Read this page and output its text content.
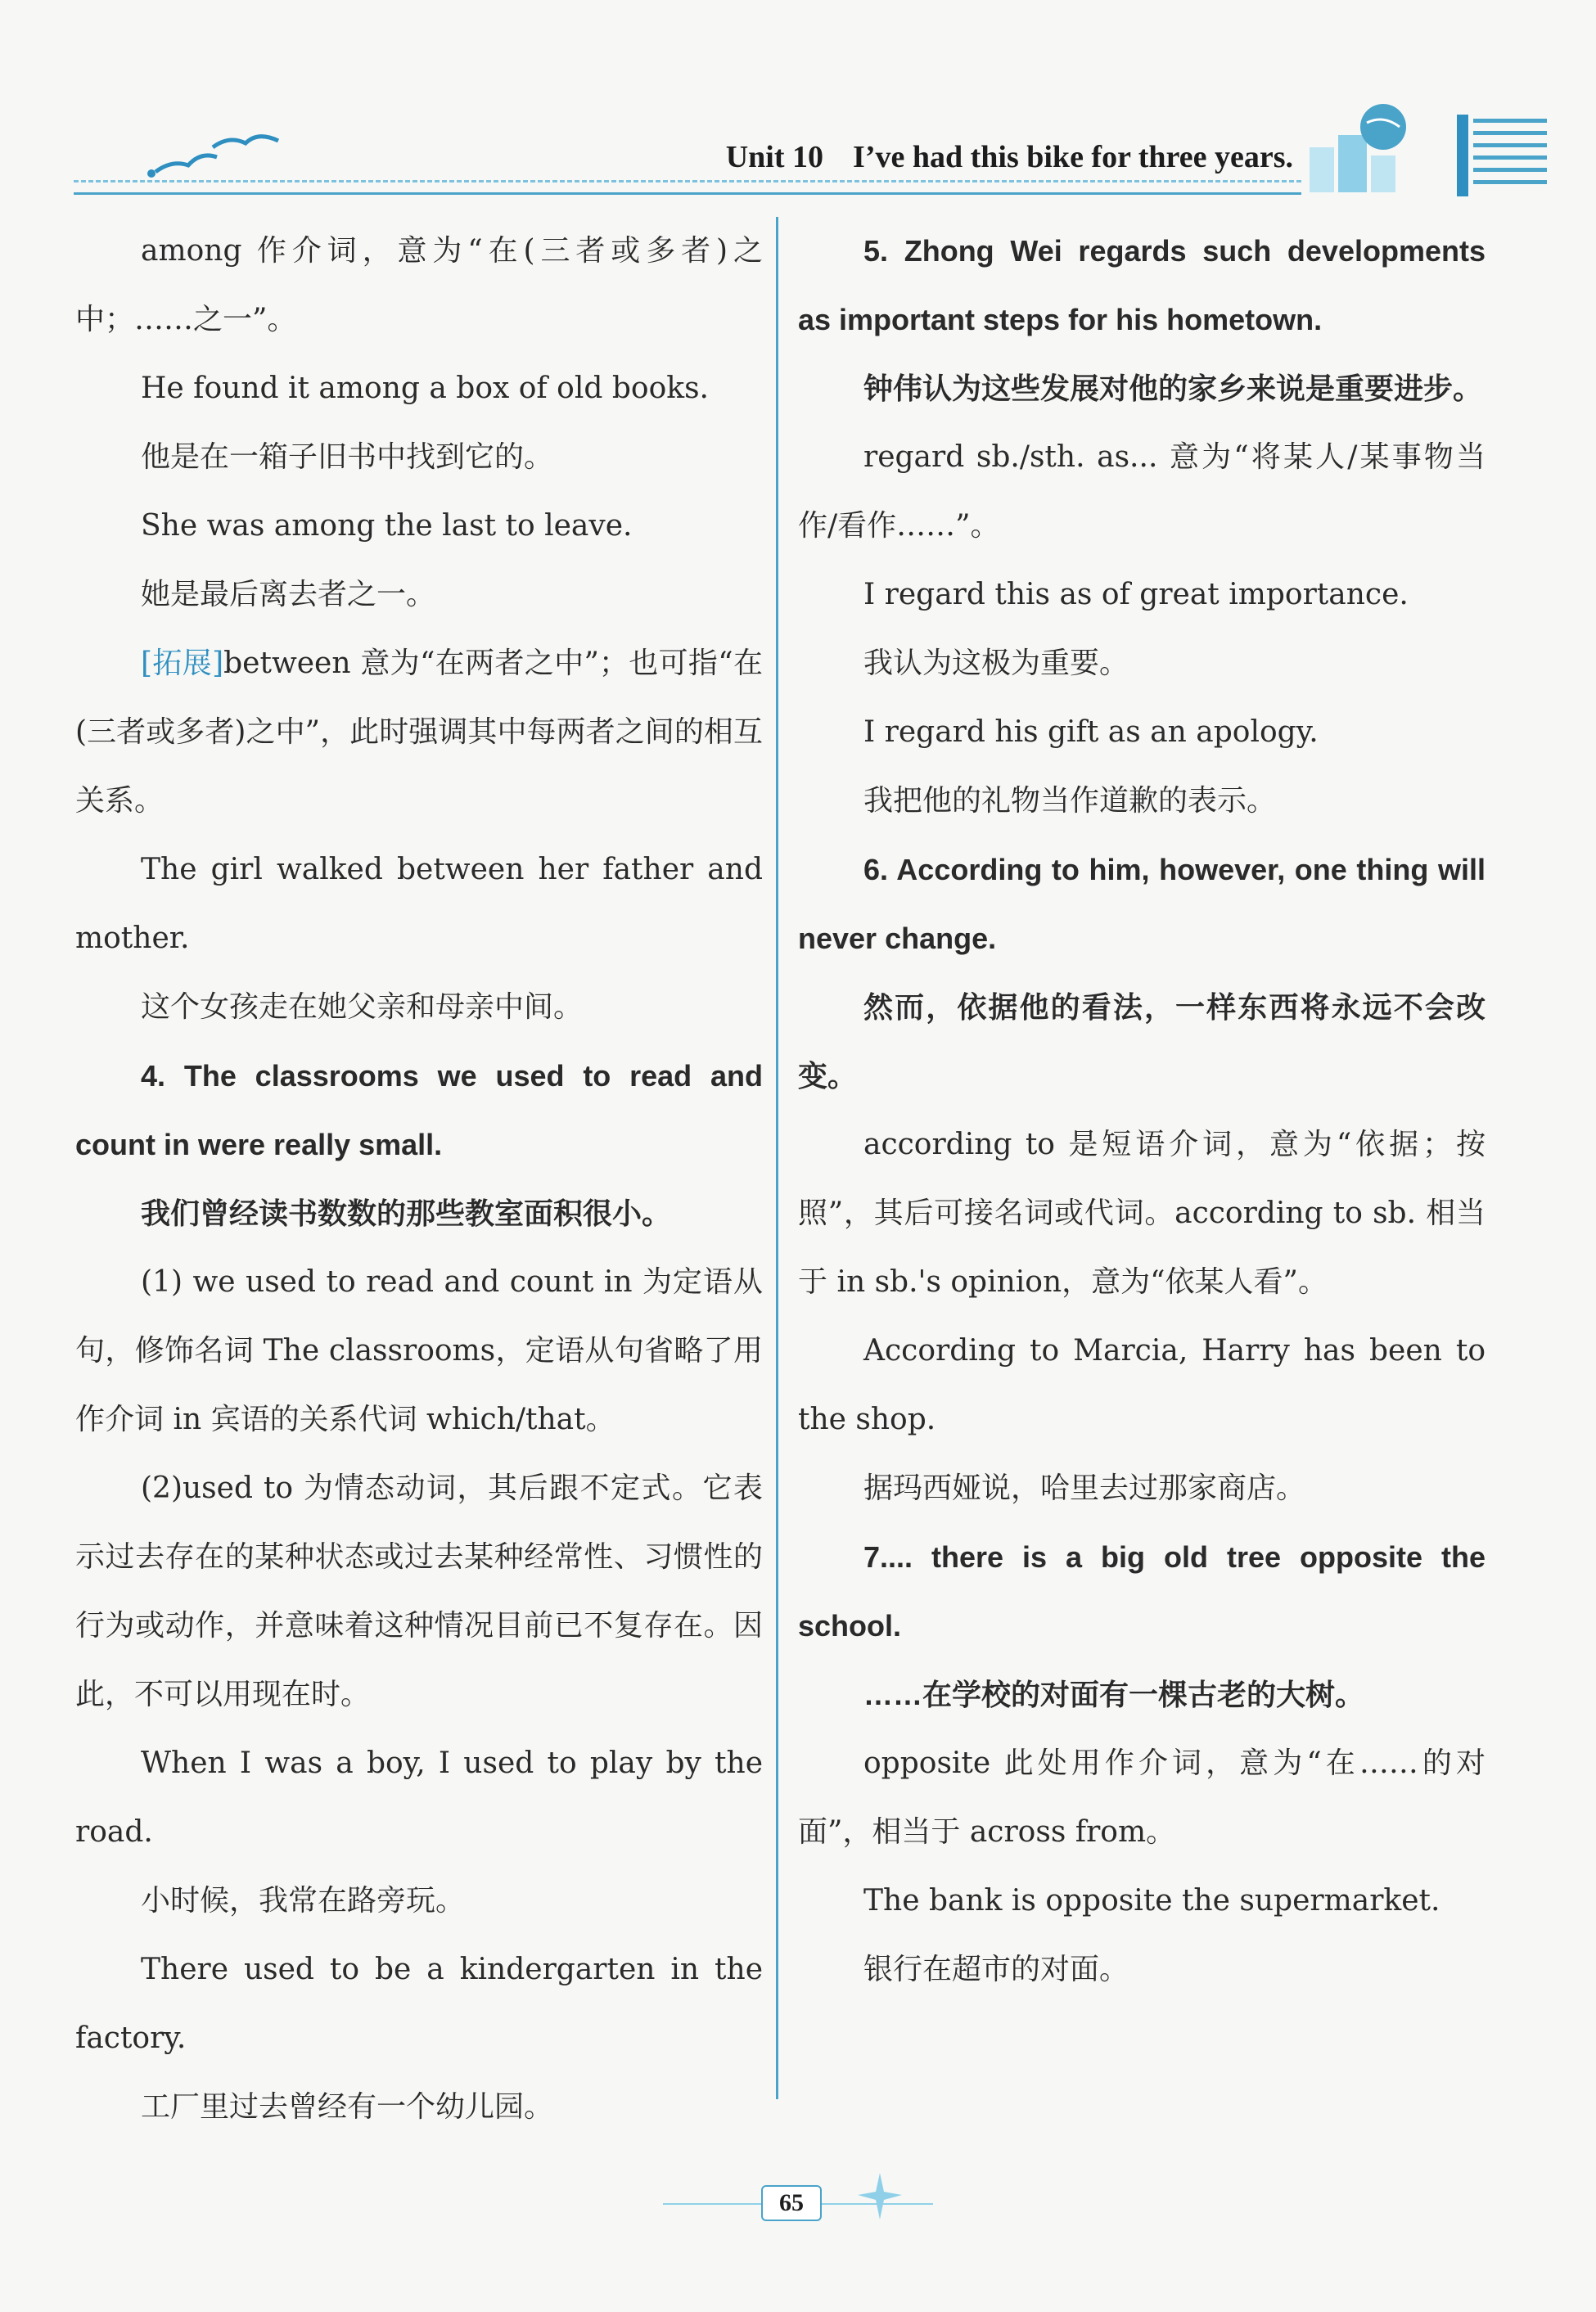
Unit 10 I’ve had this bike for three years.

among 作介词，意为“在(三者或多者)之中；……之一”。

He found it among a box of old books.

他是在一箱子旧书中找到它的。

She was among the last to leave.

她是最后离去者之一。

[拓展]between 意为“在两者之中”；也可指“在(三者或多者)之中”，此时强调其中每两者之间的相互关系。

The girl walked between her father and mother.

这个女孩走在她父亲和母亲中间。

4. The classrooms we used to read and count in were really small.

我们曾经读书数数的那些教室面积很小。

(1) we used to read and count in 为定语从句，修饰名词 The classrooms，定语从句省略了用作介词 in 宾语的关系代词 which/that。

(2)used to 为情态动词，其后跟不定式。它表示过去存在的某种状态或过去某种经常性、习惯性的行为或动作，并意味着这种情况目前已不复存在。因此，不可以用现在时。

When I was a boy, I used to play by the road.

小时候，我常在路旁玩。

There used to be a kindergarten in the factory.

工厂里过去曾经有一个幼儿园。

5. Zhong Wei regards such developments as important steps for his hometown.

钟伟认为这些发展对他的家乡来说是重要进步。

regard sb./sth. as... 意为“将某人/某事物当作/看作……”。

I regard this as of great importance.

我认为这极为重要。

I regard his gift as an apology.

我把他的礼物当作道歉的表示。

6. According to him, however, one thing will never change.

然而，依据他的看法，一样东西将永远不会改变。

according to 是短语介词，意为“依据；按照”，其后可接名词或代词。according to sb. 相当于 in sb.'s opinion，意为“依某人看”。

According to Marcia, Harry has been to the shop.

据玛西娅说，哈里去过那家商店。

7.... there is a big old tree opposite the school.

……在学校的对面有一棵古老的大树。

opposite 此处用作介词，意为“在……的对面”，相当于 across from。

The bank is opposite the supermarket.

银行在超市的对面。

65
